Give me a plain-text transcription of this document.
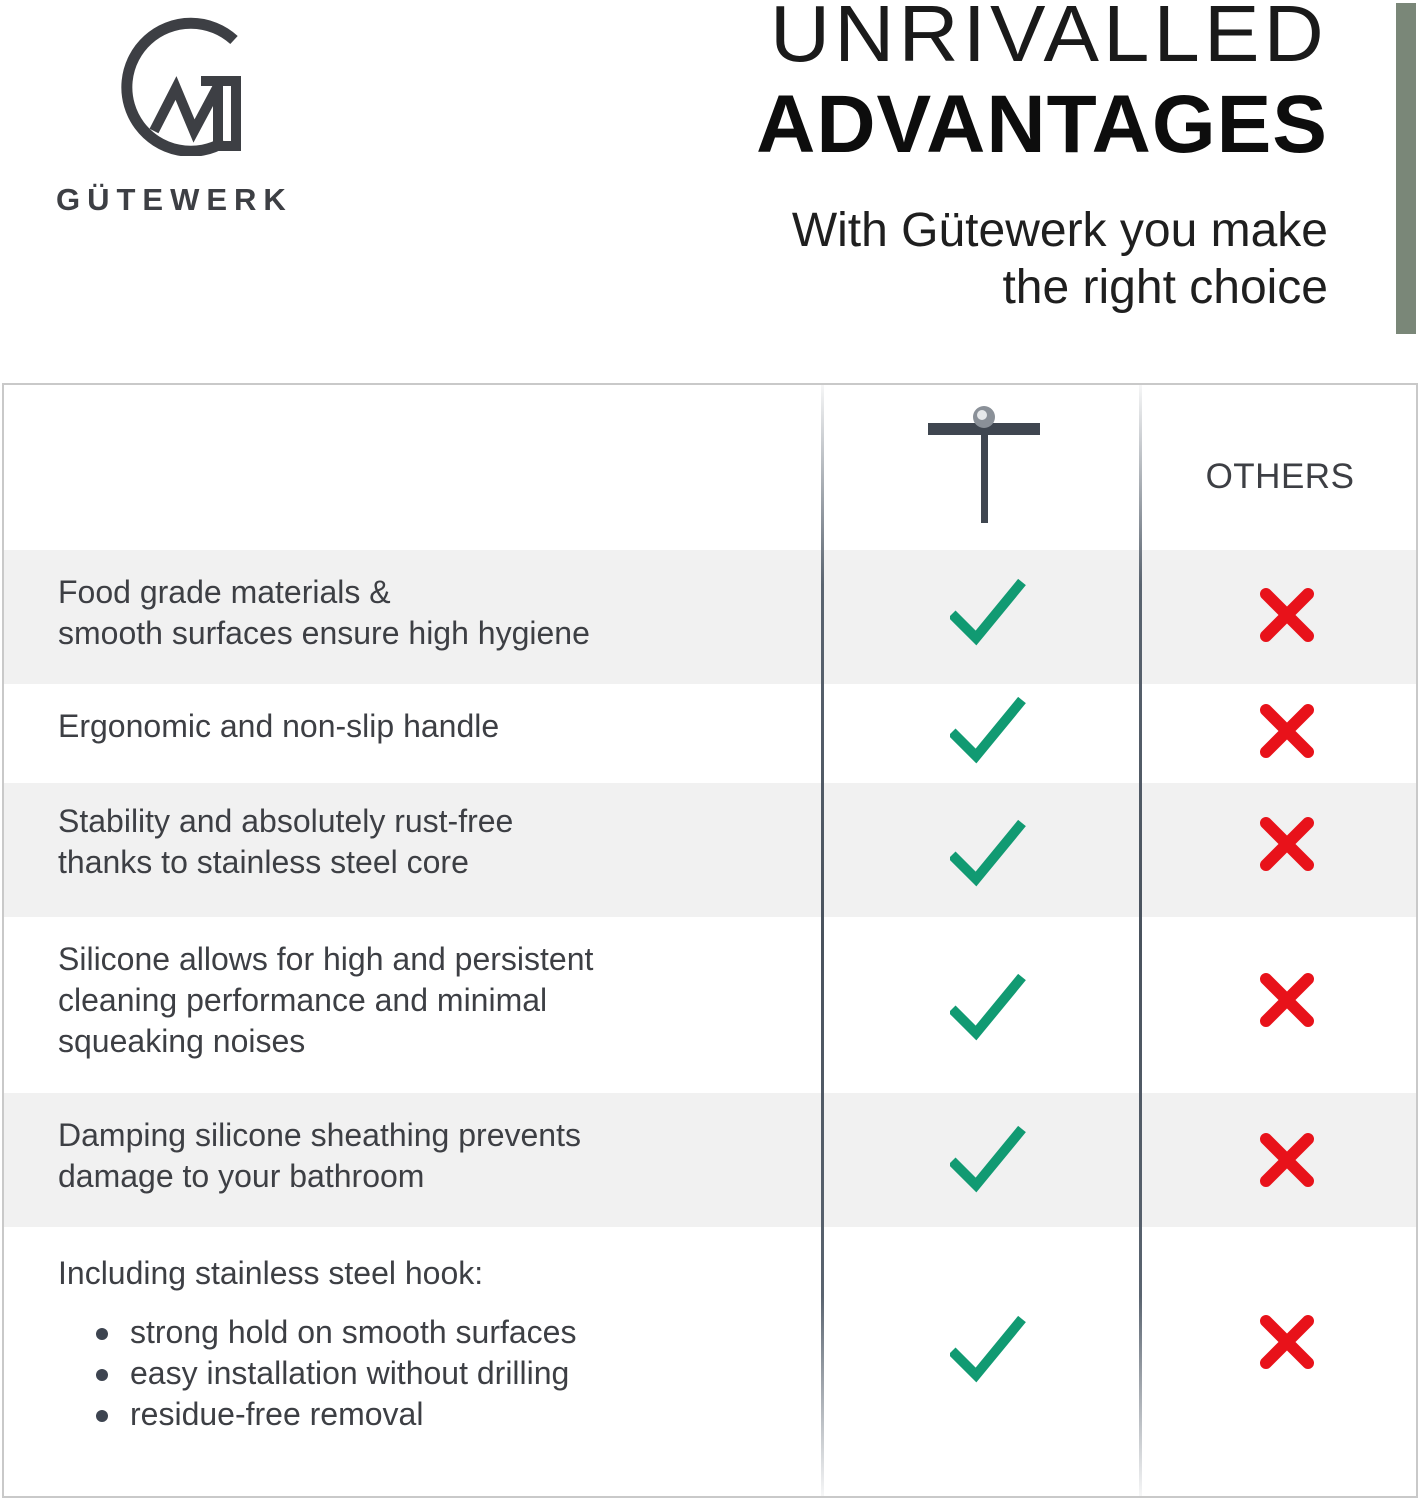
GÜTEWERK
UNRIVALLED
ADVANTAGES
With Gütewerk you make
the right choice
OTHERS
Food grade materials &
smooth surfaces ensure high hygiene
Ergonomic and non-slip handle
Stability and absolutely rust-free
thanks to stainless steel core
Silicone allows for high and persistent
cleaning performance and minimal
squeaking noises
Damping silicone sheathing prevents
damage to your bathroom
Including stainless steel hook:
strong hold on smooth surfaces
easy installation without drilling
residue-free removal
